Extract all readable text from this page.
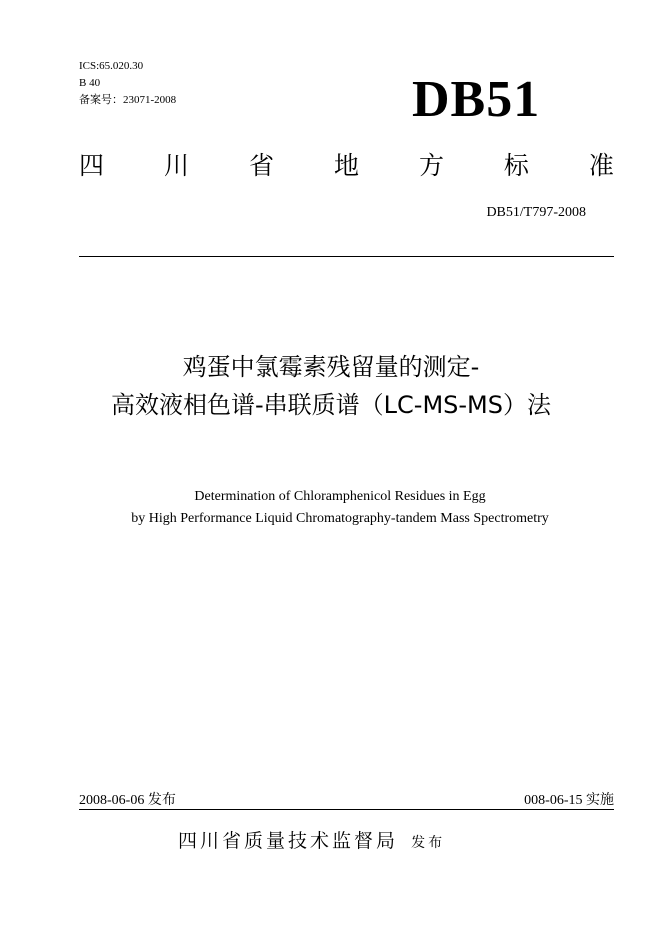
ICS:65.020.30
B 40
备案号：23071-2008	DB51
四 川 省 地 方 标 准
DB51/T797-2008
鸡蛋中氯霉素残留量的测定-
高效液相色谱-串联质谱（LC-MS-MS）法
Determination of Chloramphenicol Residues in Egg
by High Performance Liquid Chromatography-tandem Mass Spectrometry
2008-06-06 发布	008-06-15 实施
四川省质量技术监督局 发布
